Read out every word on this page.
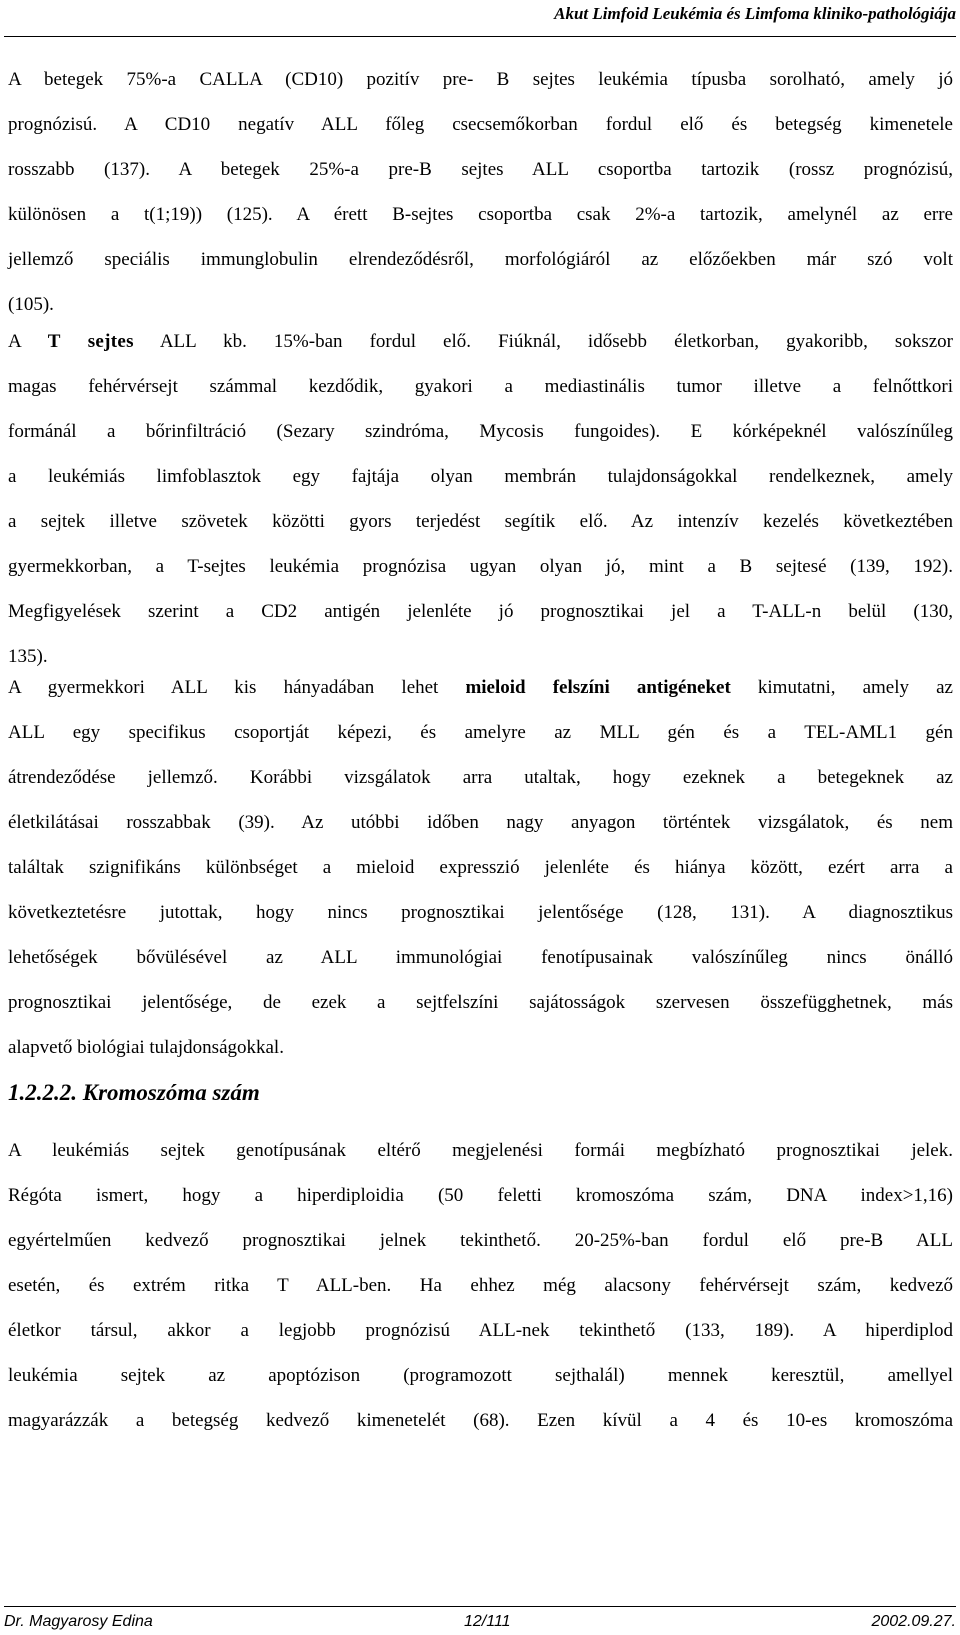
Akut Limfoid Leukémia és Limfoma kliniko-pathológiája
A betegek 75%-a CALLA (CD10) pozitív pre- B sejtes leukémia típusba sorolható, amely jó
prognózisú. A CD10 negatív ALL főleg csecsemőkorban fordul elő és betegség kimenetele
rosszabb (137). A betegek 25%-a pre-B sejtes ALL csoportba tartozik (rossz prognózisú,
különösen a t(1;19)) (125). A érett B-sejtes csoportba csak 2%-a tartozik, amelynél az erre
jellemző speciális immunglobulin elrendeződésről, morfológiáról az előzőekben már szó volt
(105).
A T sejtes ALL kb. 15%-ban fordul elő. Fiúknál, idősebb életkorban, gyakoribb, sokszor
magas fehérvérsejt számmal kezdődik, gyakori a mediastinális tumor illetve a felnőttkori
formánál a bőrinfiltráció (Sezary szindróma, Mycosis fungoides). E kórképeknél valószínűleg
a leukémiás limfoblasztok egy fajtája olyan membrán tulajdonságokkal rendelkeznek, amely
a sejtek illetve szövetek közötti gyors terjedést segítik elő. Az intenzív kezelés következtében
gyermekkorban, a T-sejtes leukémia prognózisa ugyan olyan jó, mint a B sejtesé (139, 192).
Megfigyelések szerint a CD2 antigén jelenléte jó prognosztikai jel a T-ALL-n belül (130,
135).
A gyermekkori ALL kis hányadában lehet mieloid felszíni antigéneket kimutatni, amely az
ALL egy specifikus csoportját képezi, és amelyre az MLL gén és a TEL-AML1 gén
átrendeződése jellemző. Korábbi vizsgálatok arra utaltak, hogy ezeknek a betegeknek az
életkilátásai rosszabbak (39). Az utóbbi időben nagy anyagon történtek vizsgálatok, és nem
találtak szignifikáns különbséget a mieloid expresszió jelenléte és hiánya között, ezért arra a
következtetésre jutottak, hogy nincs prognosztikai jelentősége (128, 131). A diagnosztikus
lehetőségek bővülésével az ALL immunológiai fenotípusainak valószínűleg nincs önálló
prognosztikai jelentősége, de ezek a sejtfelszíni sajátosságok szervesen összefügghetnek, más
alapvető biológiai tulajdonságokkal.
1.2.2.2. Kromoszóma szám
A leukémiás sejtek genotípusának eltérő megjelenési formái megbízható prognosztikai jelek.
Régóta ismert, hogy a hiperdiploidia (50 feletti kromoszóma szám, DNA index>1,16)
egyértelműen kedvező prognosztikai jelnek tekinthető. 20-25%-ban fordul elő pre-B ALL
esetén, és extrém ritka T ALL-ben. Ha ehhez még alacsony fehérvérsejt szám, kedvező
életkor társul, akkor a legjobb prognózisú ALL-nek tekinthető (133, 189). A hiperdiplod
leukémia sejtek az apoptózison (programozott sejthalál) mennek keresztül, amellyel
magyarázzák a betegség kedvező kimenetelét (68). Ezen kívül a 4 és 10-es kromoszóma
Dr. Magyarosy Edina	12/111	2002.09.27.
